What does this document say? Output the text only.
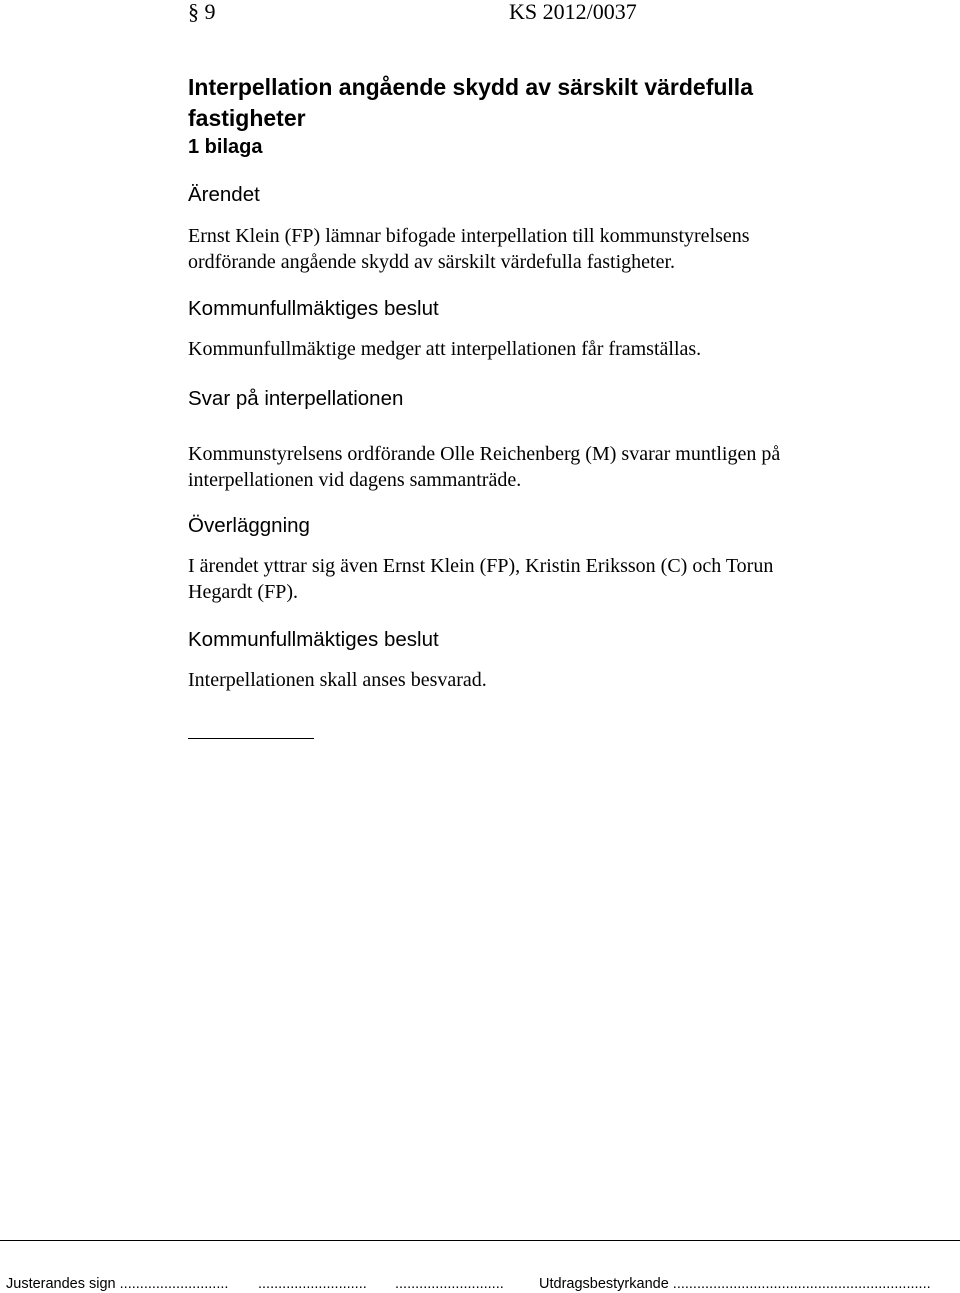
§ 9	KS 2012/0037
Interpellation angående skydd av särskilt värdefulla
fastigheter
1 bilaga
Ärendet
Ernst Klein (FP) lämnar bifogade interpellation till kommunstyrelsens
ordförande angående skydd av särskilt värdefulla fastigheter.
Kommunfullmäktiges beslut
Kommunfullmäktige medger att interpellationen får framställas.
Svar på interpellationen
Kommunstyrelsens ordförande Olle Reichenberg (M) svarar muntligen på
interpellationen vid dagens sammanträde.
Överläggning
I ärendet yttrar sig även Ernst Klein (FP), Kristin Eriksson (C) och Torun
Hegardt (FP).
Kommunfullmäktiges beslut
Interpellationen skall anses besvarad.
Justerandes sign ........................... ........................... ........................... Utdragsbestyrkande ................................................................
